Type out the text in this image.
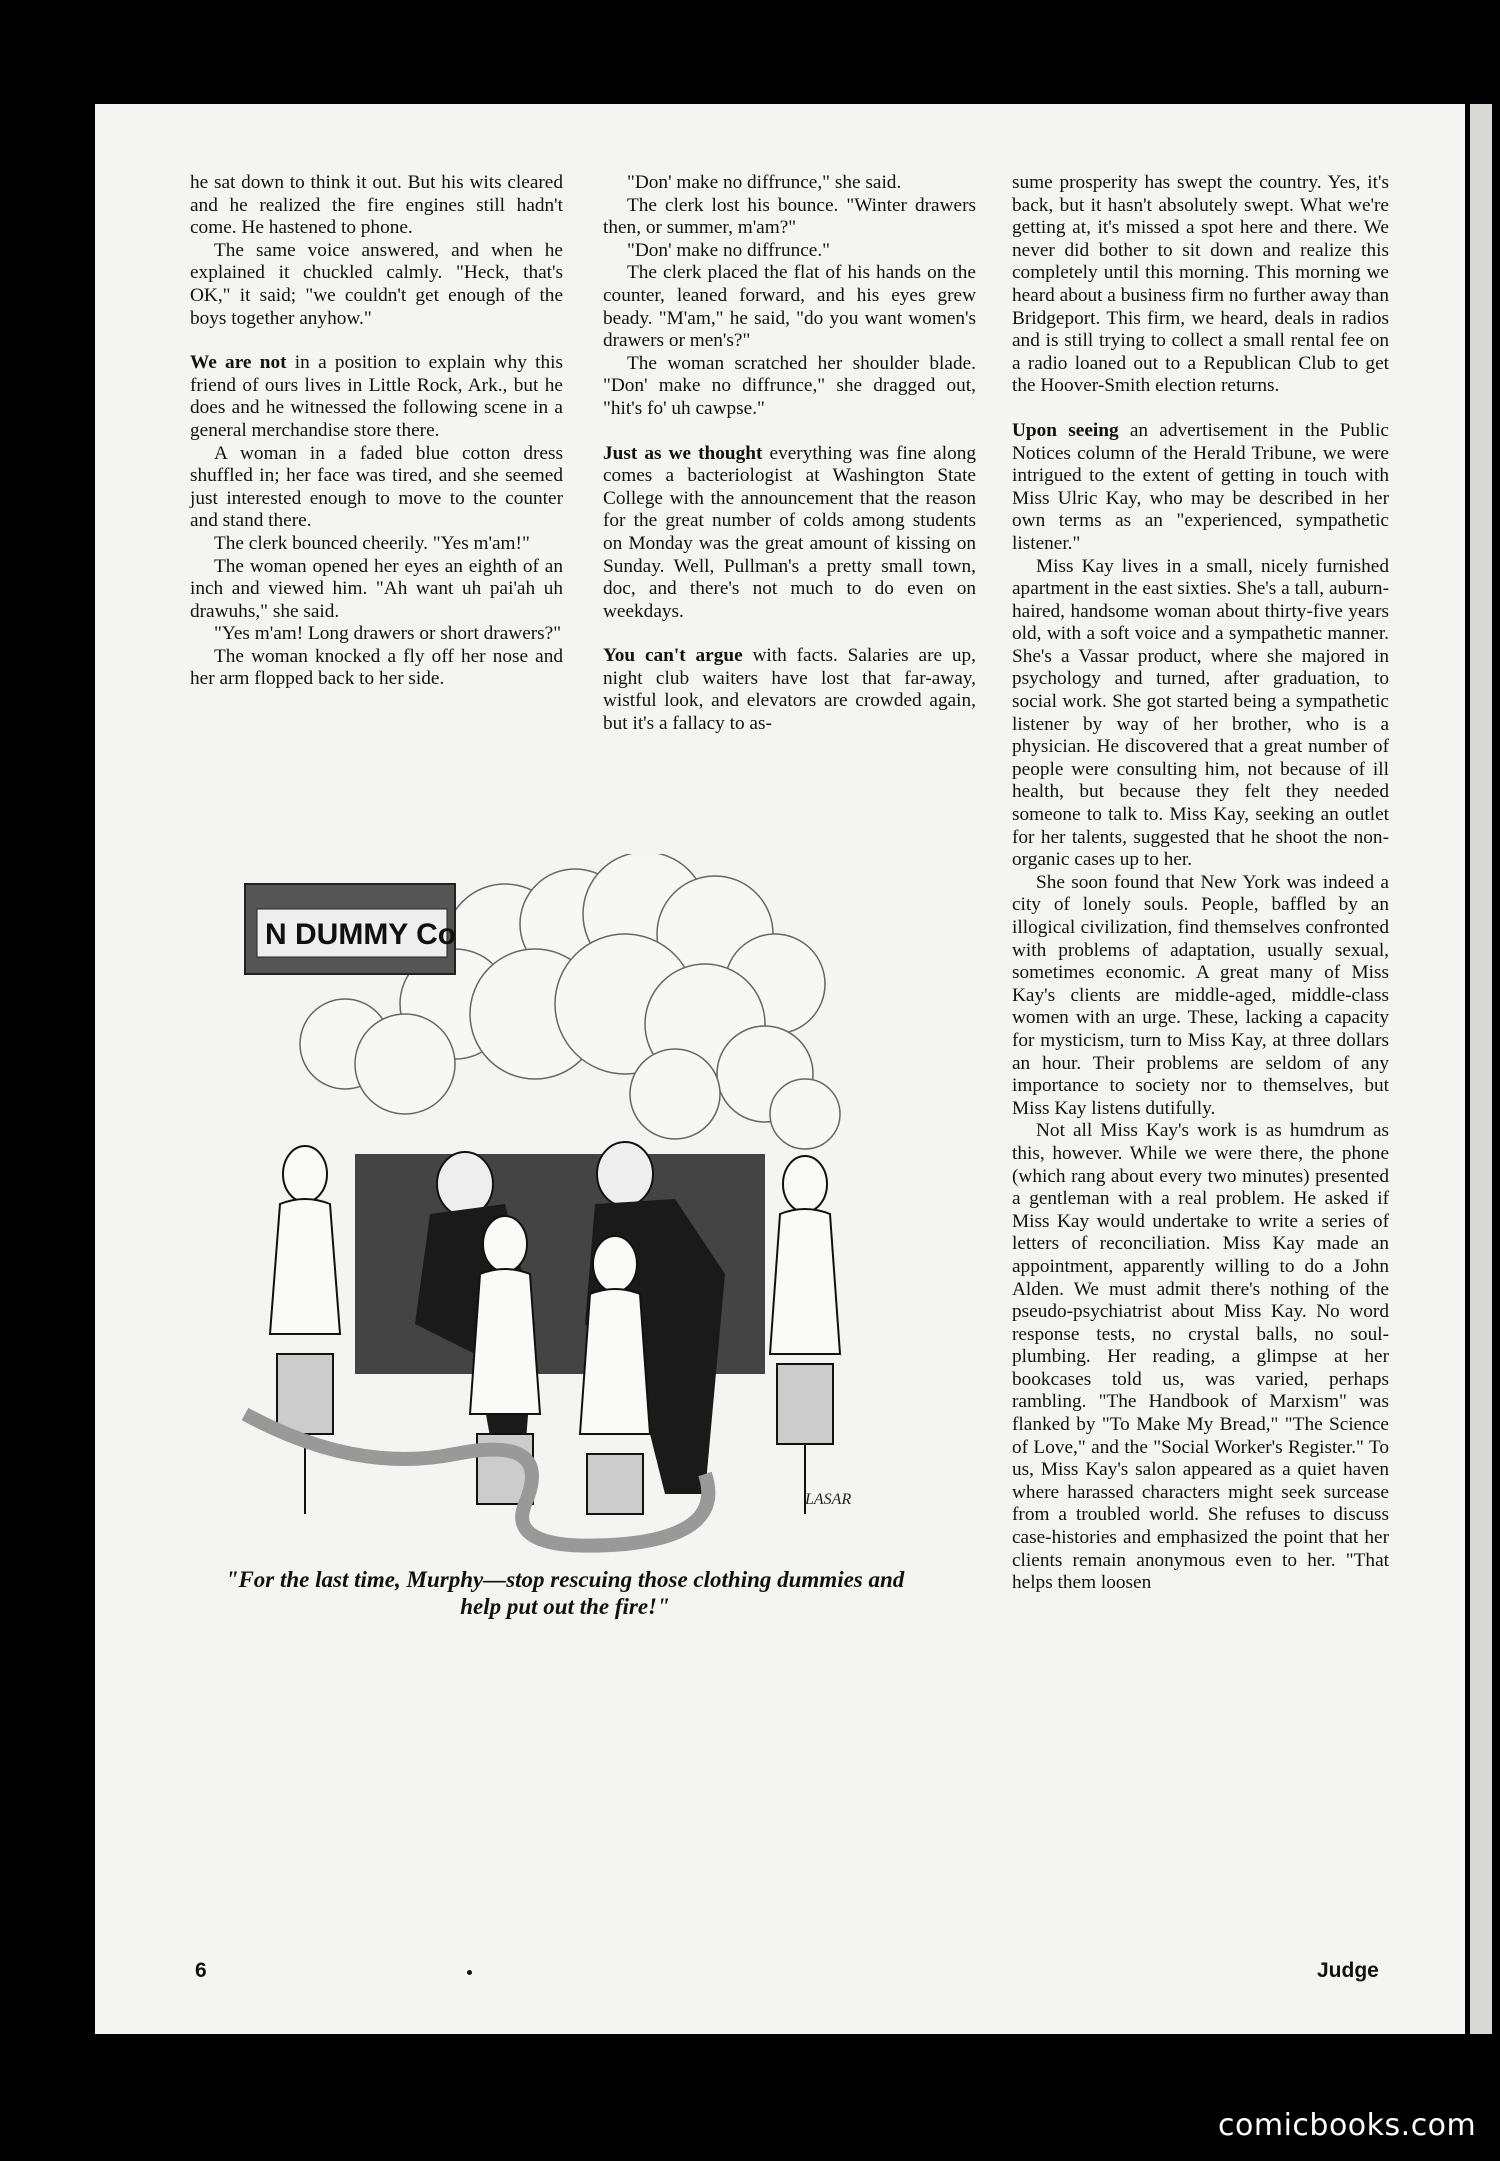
he sat down to think it out. But his wits cleared and he realized the fire engines still hadn't come. He hastened to phone.

The same voice answered, and when he explained it chuckled calmly. "Heck, that's OK," it said; "we couldn't get enough of the boys together anyhow."

We are not in a position to explain why this friend of ours lives in Little Rock, Ark., but he does and he witnessed the following scene in a general merchandise store there.

A woman in a faded blue cotton dress shuffled in; her face was tired, and she seemed just interested enough to move to the counter and stand there.

The clerk bounced cheerily. "Yes m'am!"

The woman opened her eyes an eighth of an inch and viewed him. "Ah want uh pai'ah uh drawuhs," she said.

"Yes m'am! Long drawers or short drawers?"

The woman knocked a fly off her nose and her arm flopped back to her side.

"Don' make no diffrunce," she said.

The clerk lost his bounce. "Winter drawers then, or summer, m'am?"

"Don' make no diffrunce."

The clerk placed the flat of his hands on the counter, leaned forward, and his eyes grew beady. "M'am," he said, "do you want women's drawers or men's?"

The woman scratched her shoulder blade. "Don' make no diffrunce," she dragged out, "hit's fo' uh cawpse."

Just as we thought everything was fine along comes a bacteriologist at Washington State College with the announcement that the reason for the great number of colds among students on Monday was the great amount of kissing on Sunday. Well, Pullman's a pretty small town, doc, and there's not much to do even on weekdays.

You can't argue with facts. Salaries are up, night club waiters have lost that far-away, wistful look, and elevators are crowded again, but it's a fallacy to as-

sume prosperity has swept the country. Yes, it's back, but it hasn't absolutely swept. What we're getting at, it's missed a spot here and there. We never did bother to sit down and realize this completely until this morning. This morning we heard about a business firm no further away than Bridgeport. This firm, we heard, deals in radios and is still trying to collect a small rental fee on a radio loaned out to a Republican Club to get the Hoover-Smith election returns.

Upon seeing an advertisement in the Public Notices column of the Herald Tribune, we were intrigued to the extent of getting in touch with Miss Ulric Kay, who may be described in her own terms as an "experienced, sympathetic listener."

Miss Kay lives in a small, nicely furnished apartment in the east sixties. She's a tall, auburn-haired, handsome woman about thirty-five years old, with a soft voice and a sympathetic manner. She's a Vassar product, where she majored in psychology and turned, after graduation, to social work. She got started being a sympathetic listener by way of her brother, who is a physician. He discovered that a great number of people were consulting him, not because of ill health, but because they felt they needed someone to talk to. Miss Kay, seeking an outlet for her talents, suggested that he shoot the non-organic cases up to her.

She soon found that New York was indeed a city of lonely souls. People, baffled by an illogical civilization, find themselves confronted with problems of adaptation, usually sexual, sometimes economic. A great many of Miss Kay's clients are middle-aged, middle-class women with an urge. These, lacking a capacity for mysticism, turn to Miss Kay, at three dollars an hour. Their problems are seldom of any importance to society nor to themselves, but Miss Kay listens dutifully.

Not all Miss Kay's work is as humdrum as this, however. While we were there, the phone (which rang about every two minutes) presented a gentleman with a real problem. He asked if Miss Kay would undertake to write a series of letters of reconciliation. Miss Kay made an appointment, apparently willing to do a John Alden. We must admit there's nothing of the pseudo-psychiatrist about Miss Kay. No word response tests, no crystal balls, no soul-plumbing. Her reading, a glimpse at her bookcases told us, was varied, perhaps rambling. "The Handbook of Marxism" was flanked by "To Make My Bread," "The Science of Love," and the "Social Worker's Register." To us, Miss Kay's salon appeared as a quiet haven where harassed characters might seek surcease from a troubled world. She refuses to discuss case-histories and emphasized the point that her clients remain anonymous even to her. "That helps them loosen

N DUMMY Co
LASAR
"For the last time, Murphy—stop rescuing those clothing dummies and help put out the fire!"
6	Judge
comicbooks.com
